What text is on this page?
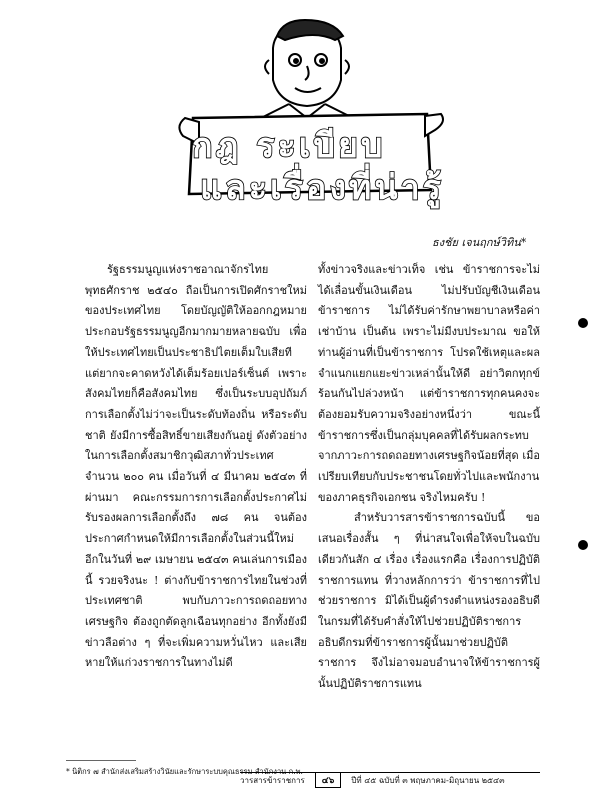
กฎ ระเบียบ
และเรื่องที่น่ารู้
ธงชัย เจนฤกษ์วิทิน*

รัฐธรรมนูญแห่งราชอาณาจักรไทย พุทธศักราช ๒๕๔๐ ถือเป็นการเปิดศักราชใหม่ของประเทศไทย โดยบัญญัติให้ออกกฎหมายประกอบรัฐธรรมนูญอีกมากมายหลายฉบับ เพื่อให้ประเทศไทยเป็นประชาธิปไตยเต็มใบเสียที แต่ยากจะคาดหวังได้เต็มร้อยเปอร์เซ็นต์ เพราะสังคมไทยก็คือสังคมไทย ซึ่งเป็นระบบอุปถัมภ์ การเลือกตั้งไม่ว่าจะเป็นระดับท้องถิ่น หรือระดับชาติ ยังมีการซื้อสิทธิ์ขายเสียงกันอยู่ ดังตัวอย่างในการเลือกตั้งสมาชิกวุฒิสภาทั่วประเทศ จำนวน ๒๐๐ คน เมื่อวันที่ ๔ มีนาคม ๒๕๔๓ ที่ผ่านมา คณะกรรมการการเลือกตั้งประกาศไม่รับรองผลการเลือกตั้งถึง ๗๘ คน จนต้องประกาศกำหนดให้มีการเลือกตั้งในส่วนนี้ใหม่อีกในวันที่ ๒๙ เมษายน ๒๕๔๓ คนเล่นการเมืองนี้ รวยจริงนะ ! ต่างกับข้าราชการไทยในช่วงที่ประเทศชาติ พบกับภาวะการถดถอยทางเศรษฐกิจ ต้องถูกตัดลูกเฉือนทุกอย่าง อีกทั้งยังมีข่าวลือต่าง ๆ ที่จะเพิ่มความหวั่นไหว และเสียหายให้แก่วงราชการในทางไม่ดี

ทั้งข่าวจริงและข่าวเท็จ เช่น ข้าราชการจะไม่ได้เลื่อนขั้นเงินเดือน ไม่ปรับบัญชีเงินเดือนข้าราชการ ไม่ได้รับค่ารักษาพยาบาลหรือค่าเช่าบ้าน เป็นต้น เพราะไม่มีงบประมาณ ขอให้ท่านผู้อ่านที่เป็นข้าราชการ โปรดใช้เหตุและผลจำแนกแยกแยะข่าวเหล่านั้นให้ดี อย่าวิตกทุกข์ร้อนกันไปล่วงหน้า แต่ข้าราชการทุกคนคงจะต้องยอมรับความจริงอย่างหนึ่งว่า ขณะนี้ข้าราชการซึ่งเป็นกลุ่มบุคคลที่ได้รับผลกระทบจากภาวะการถดถอยทางเศรษฐกิจน้อยที่สุด เมื่อเปรียบเทียบกับประชาชนโดยทั่วไปและพนักงานของภาคธุรกิจเอกชน จริงไหมครับ !

สำหรับวารสารข้าราชการฉบับนี้ ขอเสนอเรื่องสั้น ๆ ที่น่าสนใจเพื่อให้จบในฉบับเดียวกันสัก ๔ เรื่อง เรื่องแรกคือ เรื่องการปฏิบัติราชการแทน ที่วางหลักการว่า ข้าราชการที่ไปช่วยราชการ มิได้เป็นผู้ดำรงตำแหน่งรองอธิบดีในกรมที่ได้รับคำสั่งให้ไปช่วยปฏิบัติราชการ อธิบดีกรมที่ข้าราชการผู้นั้นมาช่วยปฏิบัติราชการ จึงไม่อาจมอบอำนาจให้ข้าราชการผู้นั้นปฏิบัติราชการแทน

* นิติกร ๗ สำนักส่งเสริมสร้างวินัยและรักษาระบบคุณธรรม สำนักงาน ก.พ.
วารสารข้าราชการ	๔๖	ปีที่ ๔๕ ฉบับที่ ๓ พฤษภาคม-มิถุนายน ๒๕๔๓
